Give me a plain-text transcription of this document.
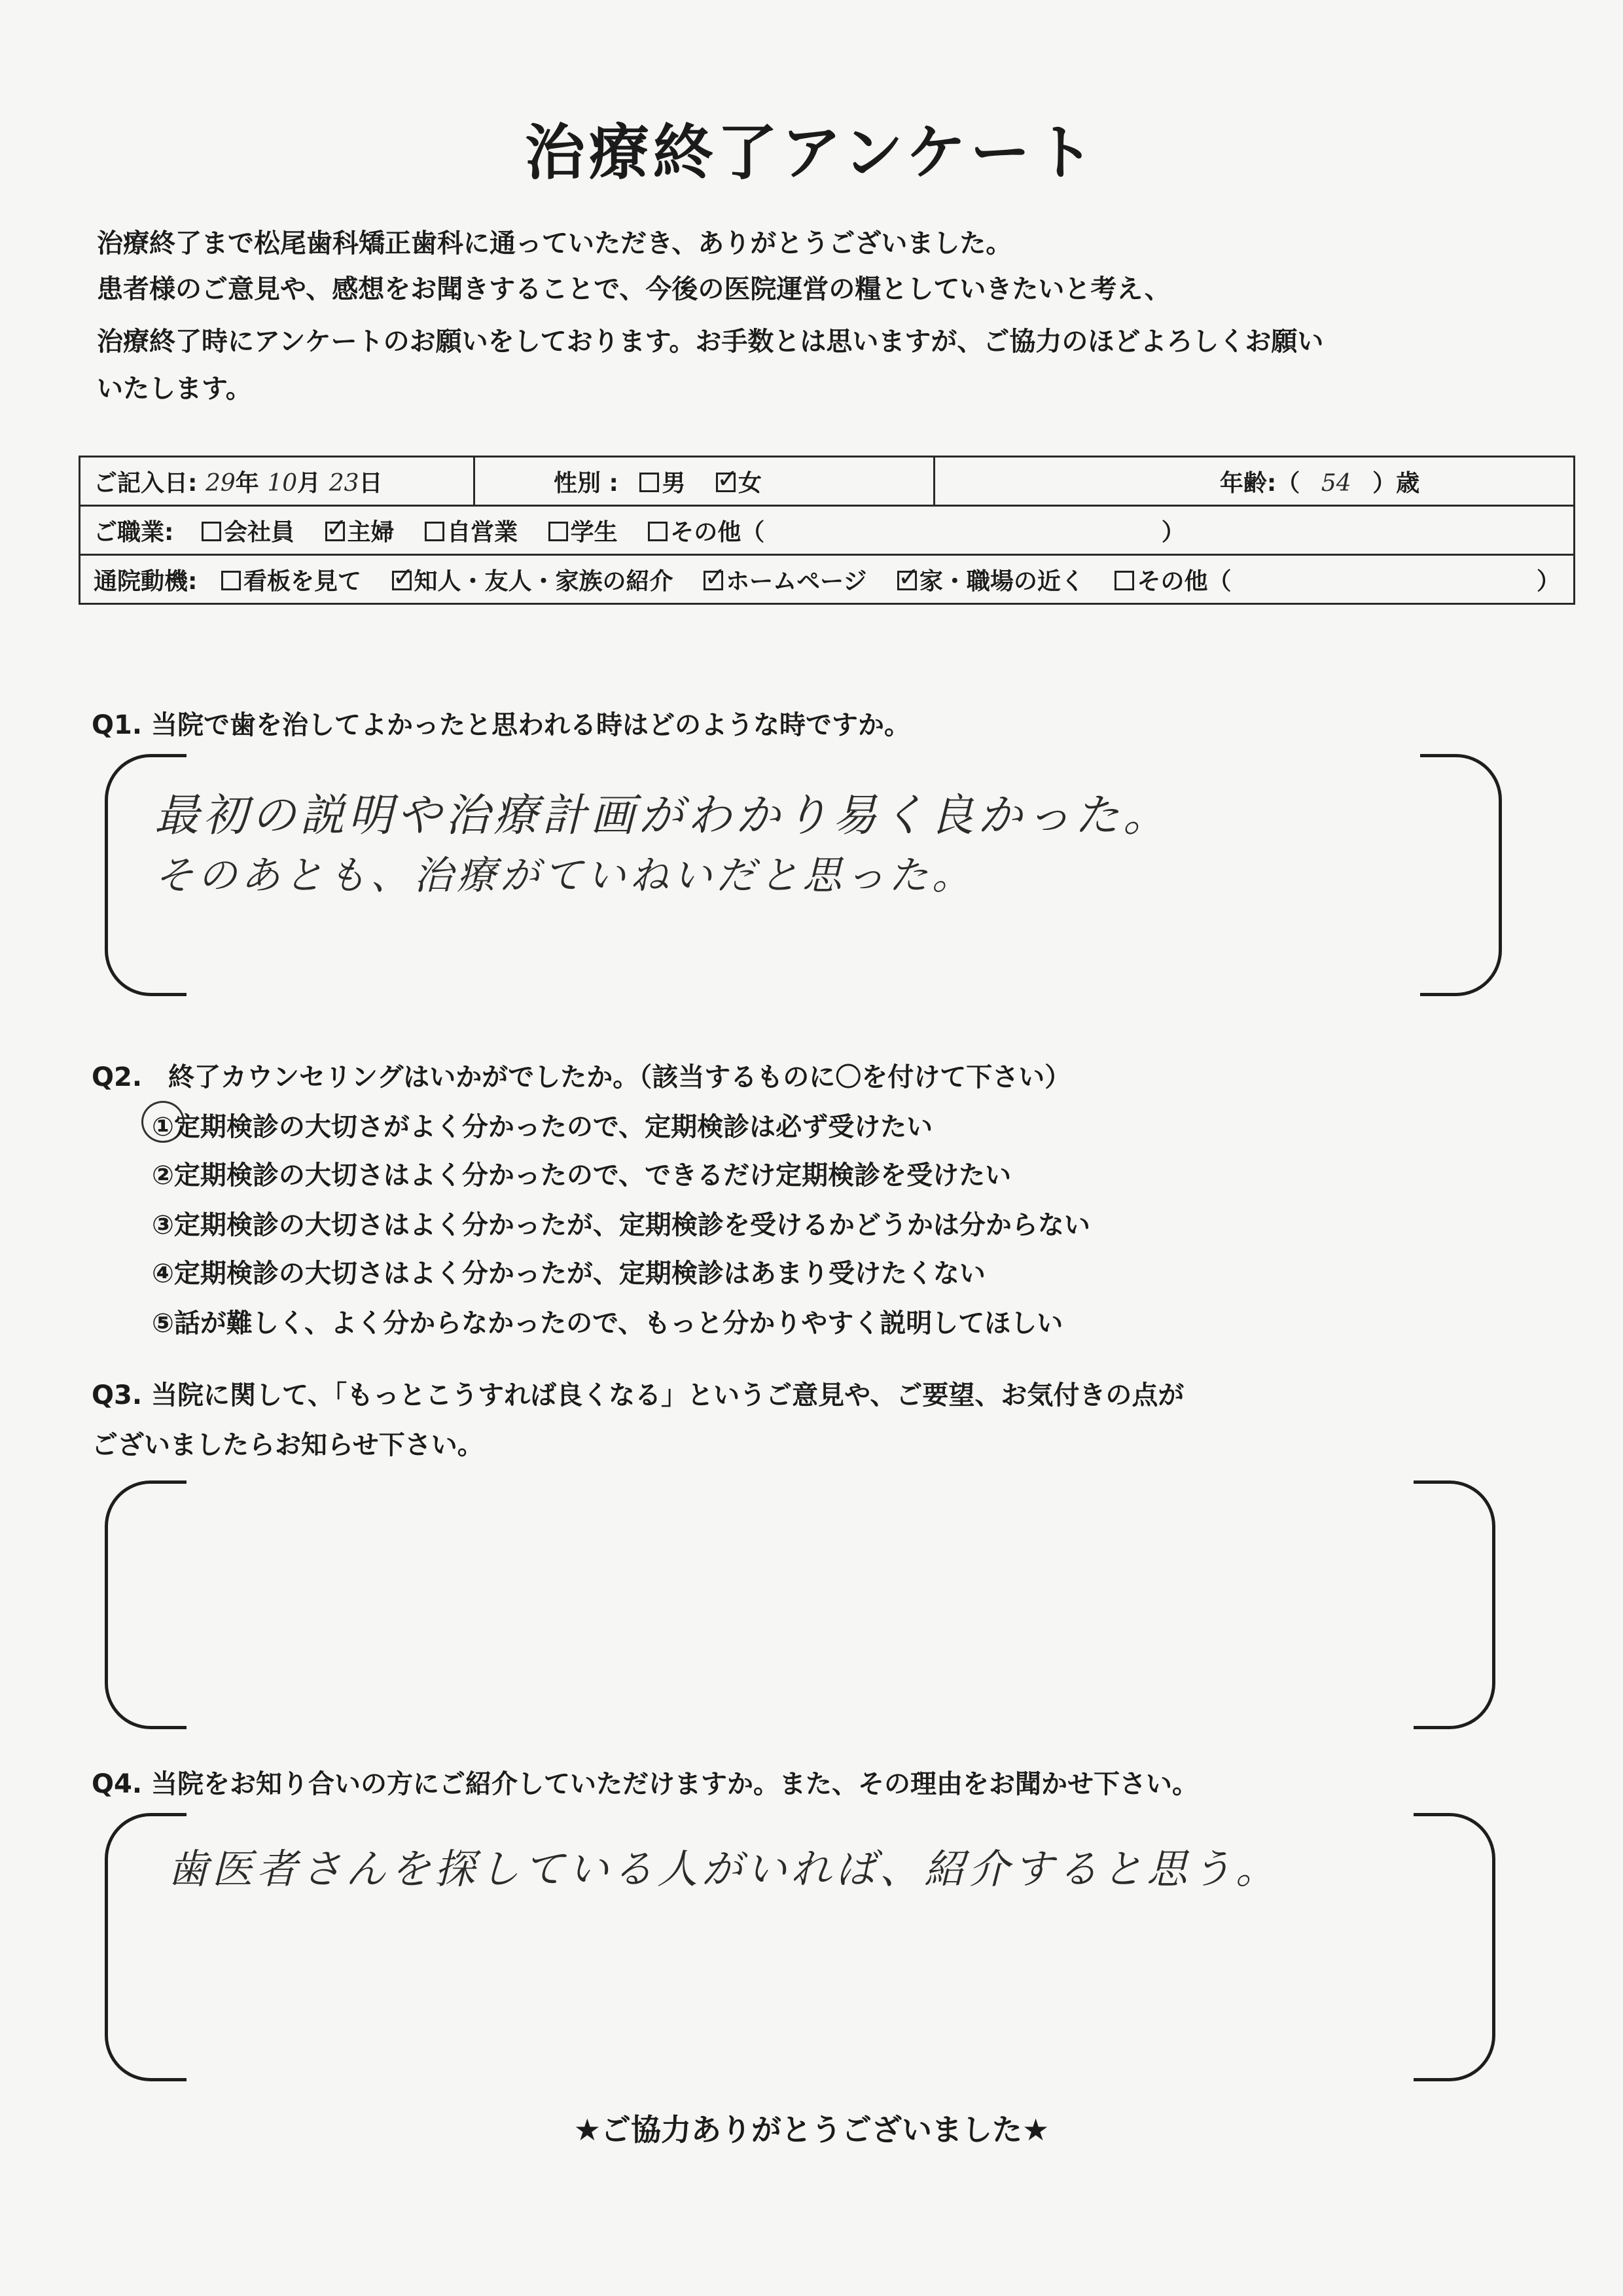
治療終了アンケート
治療終了まで松尾歯科矯正歯科に通っていただき、ありがとうございました。
患者様のご意見や、感想をお聞きすることで、今後の医院運営の糧としていきたいと考え、
治療終了時にアンケートのお願いをしております。お手数とは思いますが、ご協力のほどよろしくお願い
いたします。
ご記入日: 29年 10月 23日	性別 : 男 ✓ 女	年齢:（ 54 ）歳
ご職業: 会社員 ✓ 主婦 自営業 学生 その他（	）
通院動機: 看板を見て ✓ 知人・友人・家族の紹介 ✓ ホームページ ✓ 家・職場の近く その他（	）
Q1. 当院で歯を治してよかったと思われる時はどのような時ですか。
最初の説明や治療計画がわかり易く良かった。
そのあとも、治療がていねいだと思った。
Q2.　終了カウンセリングはいかがでしたか。（該当するものに〇を付けて下さい）
①定期検診の大切さがよく分かったので、定期検診は必ず受けたい
②定期検診の大切さはよく分かったので、できるだけ定期検診を受けたい
③定期検診の大切さはよく分かったが、定期検診を受けるかどうかは分からない
④定期検診の大切さはよく分かったが、定期検診はあまり受けたくない
⑤話が難しく、よく分からなかったので、もっと分かりやすく説明してほしい
Q3. 当院に関して、「もっとこうすれば良くなる」というご意見や、ご要望、お気付きの点が
ございましたらお知らせ下さい。
Q4. 当院をお知り合いの方にご紹介していただけますか。また、その理由をお聞かせ下さい。
歯医者さんを探している人がいれば、紹介すると思う。
★ご協力ありがとうございました★
